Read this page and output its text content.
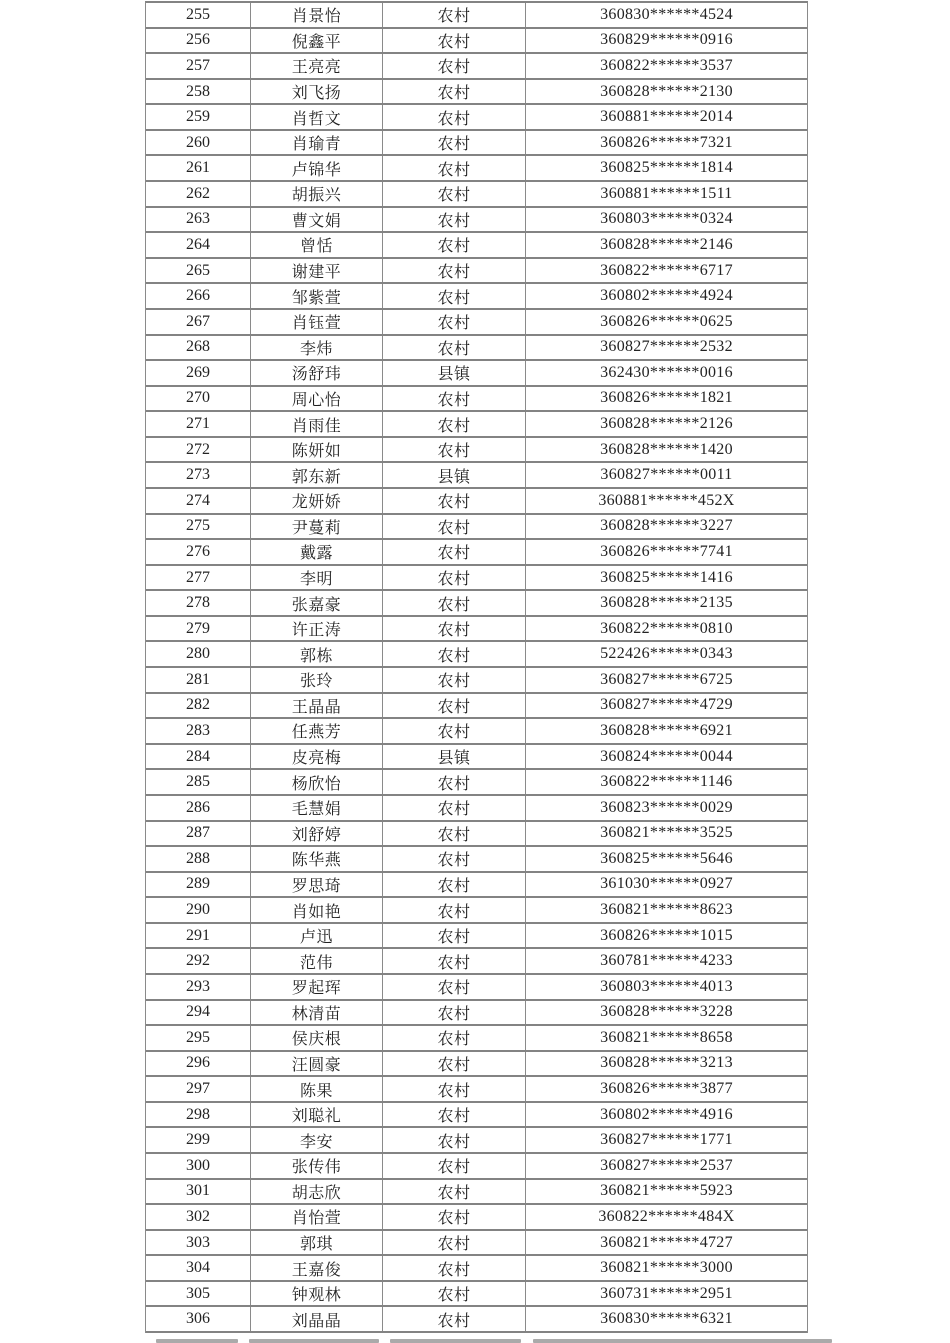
255	肖景怡	农村	360830******4524
256	倪鑫平	农村	360829******0916
257	王亮亮	农村	360822******3537
258	刘飞扬	农村	360828******2130
259	肖哲文	农村	360881******2014
260	肖瑜青	农村	360826******7321
261	卢锦华	农村	360825******1814
262	胡振兴	农村	360881******1511
263	曹文娟	农村	360803******0324
264	曾恬	农村	360828******2146
265	谢建平	农村	360822******6717
266	邹紫萱	农村	360802******4924
267	肖钰萱	农村	360826******0625
268	李炜	农村	360827******2532
269	汤舒玮	县镇	362430******0016
270	周心怡	农村	360826******1821
271	肖雨佳	农村	360828******2126
272	陈妍如	农村	360828******1420
273	郭东新	县镇	360827******0011
274	龙妍娇	农村	360881******452X
275	尹蔓莉	农村	360828******3227
276	戴露	农村	360826******7741
277	李明	农村	360825******1416
278	张嘉豪	农村	360828******2135
279	许正涛	农村	360822******0810
280	郭栋	农村	522426******0343
281	张玲	农村	360827******6725
282	王晶晶	农村	360827******4729
283	任燕芳	农村	360828******6921
284	皮亮梅	县镇	360824******0044
285	杨欣怡	农村	360822******1146
286	毛慧娟	农村	360823******0029
287	刘舒婷	农村	360821******3525
288	陈华燕	农村	360825******5646
289	罗思琦	农村	361030******0927
290	肖如艳	农村	360821******8623
291	卢迅	农村	360826******1015
292	范伟	农村	360781******4233
293	罗起珲	农村	360803******4013
294	林清苗	农村	360828******3228
295	侯庆根	农村	360821******8658
296	汪圆豪	农村	360828******3213
297	陈果	农村	360826******3877
298	刘聪礼	农村	360802******4916
299	李安	农村	360827******1771
300	张传伟	农村	360827******2537
301	胡志欣	农村	360821******5923
302	肖怡萱	农村	360822******484X
303	郭琪	农村	360821******4727
304	王嘉俊	农村	360821******3000
305	钟观林	农村	360731******2951
306	刘晶晶	农村	360830******6321
